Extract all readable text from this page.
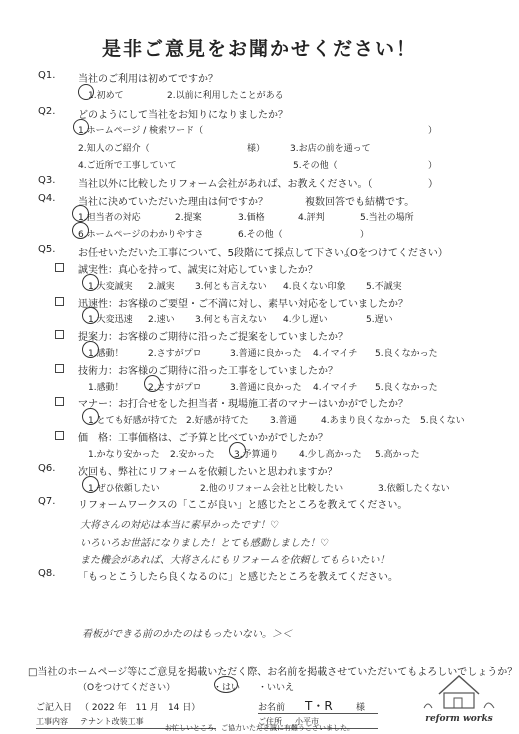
是非ご意見をお聞かせください！
Q1. 当社のご利用は初めてですか？
1.初めて	2.以前に利用したことがある
Q2. どのようにして当社をお知りになりましたか？
1.ホームページ / 検索ワード（	）
2.知人のご紹介（	様）	3.お店の前を通って
4.ご近所で工事していて	5.その他（	）
Q3. 当社以外に比較したリフォーム会社があれば、お教えください。（	）
Q4. 当社に決めていただいた理由は何ですか？	複数回答でも結構です。
1.担当者の対応	2.提案	3.価格	4.評判	5.当社の場所
6.ホームページのわかりやすさ	6.その他（	）
Q5. お任せいただいた工事について、5段階にて採点して下さい。
（Oをつけてください）
誠実性：真心を持って、誠実に対応していましたか？
1.大変誠実 2.誠実 3.何とも言えない 4.良くない印象 5.不誠実
迅速性：お客様のご要望・ご不満に対し、素早い対応をしていましたか？
1.大変迅速 2.速い 3.何とも言えない 4.少し遅い	5.遅い
提案力：お客様のご期待に沿ったご提案をしていましたか？
1.感動！	2.さすがプロ	3.普通に良かった 4.イマイチ 5.良くなかった
技術力：お客様のご期待に沿った工事をしていましたか？
1.感動！	2.さすがプロ	3.普通に良かった 4.イマイチ 5.良くなかった
マナー：お打合せをした担当者・現場施工者のマナーはいかがでしたか？
1.とても好感が持てた 2.好感が持てた 3.普通	4.あまり良くなかった 5.良くない
価　格：工事価格は、ご予算と比べていかがでしたか？
1.かなり安かった 2.安かった 3.予算通り 4.少し高かった 5.高かった
Q6. 次回も、弊社にリフォームを依頼したいと思われますか？
1.ぜひ依頼したい	2.他のリフォーム会社と比較したい	3.依頼したくない
Q7. リフォームワークスの「ここが良い」と感じたところを教えてください。
大将さんの対応は本当に素早かったです！♡
いろいろお世話になりました！とても感動しました！♡
また機会があれば、大将さんにもリフォームを依頼してもらいたい！
Q8. 「もっとこうしたら良くなるのに」と感じたところを教えてください。
看板ができる前のかたのはもったいない。＞＜
□当社のホームページ等にご意見を掲載いただく際、お名前を掲載させていただいてもよろしいでしょうか？
（Oをつけてください）	・はい ・いいえ
ご記入日 （ 2022 年　11 月　14 日）	お名前 T・R	様
工事内容 テナント改装工事	ご住所 小平市
お忙しいところ、ご協力いただき誠に有難うございました。
reform works
